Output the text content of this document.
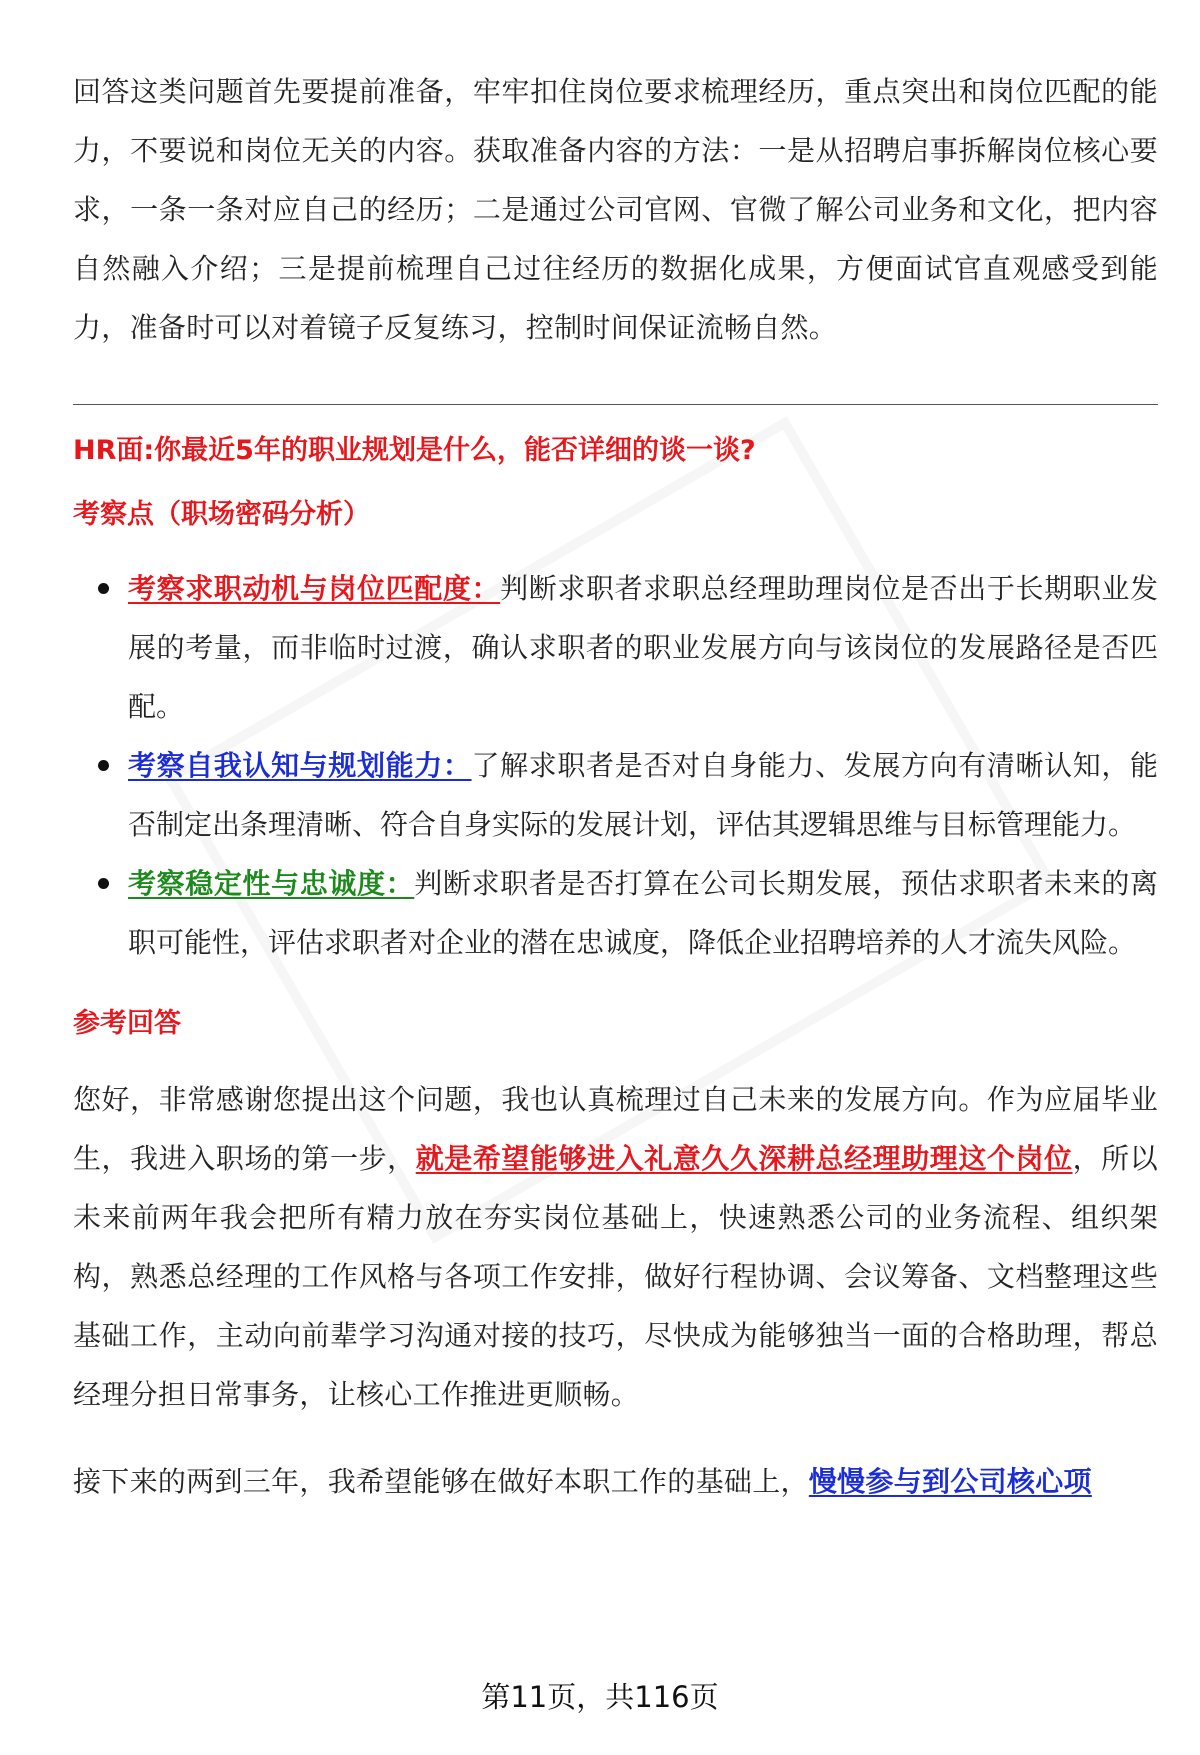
回答这类问题首先要提前准备，牢牢扣住岗位要求梳理经历，重点突出和岗位匹配的能力，不要说和岗位无关的内容。获取准备内容的方法：一是从招聘启事拆解岗位核心要求，一条一条对应自己的经历；二是通过公司官网、官微了解公司业务和文化，把内容自然融入介绍；三是提前梳理自己过往经历的数据化成果，方便面试官直观感受到能力，准备时可以对着镜子反复练习，控制时间保证流畅自然。

HR面:你最近5年的职业规划是什么，能否详细的谈一谈?
考察点（职场密码分析）
考察求职动机与岗位匹配度：判断求职者求职总经理助理岗位是否出于长期职业发展的考量，而非临时过渡，确认求职者的职业发展方向与该岗位的发展路径是否匹配。
考察自我认知与规划能力：了解求职者是否对自身能力、发展方向有清晰认知，能否制定出条理清晰、符合自身实际的发展计划，评估其逻辑思维与目标管理能力。
考察稳定性与忠诚度：判断求职者是否打算在公司长期发展，预估求职者未来的离职可能性，评估求职者对企业的潜在忠诚度，降低企业招聘培养的人才流失风险。
参考回答

您好，非常感谢您提出这个问题，我也认真梳理过自己未来的发展方向。作为应届毕业生，我进入职场的第一步，就是希望能够进入礼意久久深耕总经理助理这个岗位，所以未来前两年我会把所有精力放在夯实岗位基础上，快速熟悉公司的业务流程、组织架构，熟悉总经理的工作风格与各项工作安排，做好行程协调、会议筹备、文档整理这些基础工作，主动向前辈学习沟通对接的技巧，尽快成为能够独当一面的合格助理，帮总经理分担日常事务，让核心工作推进更顺畅。

接下来的两到三年，我希望能够在做好本职工作的基础上，慢慢参与到公司核心项

第11页，共116页
